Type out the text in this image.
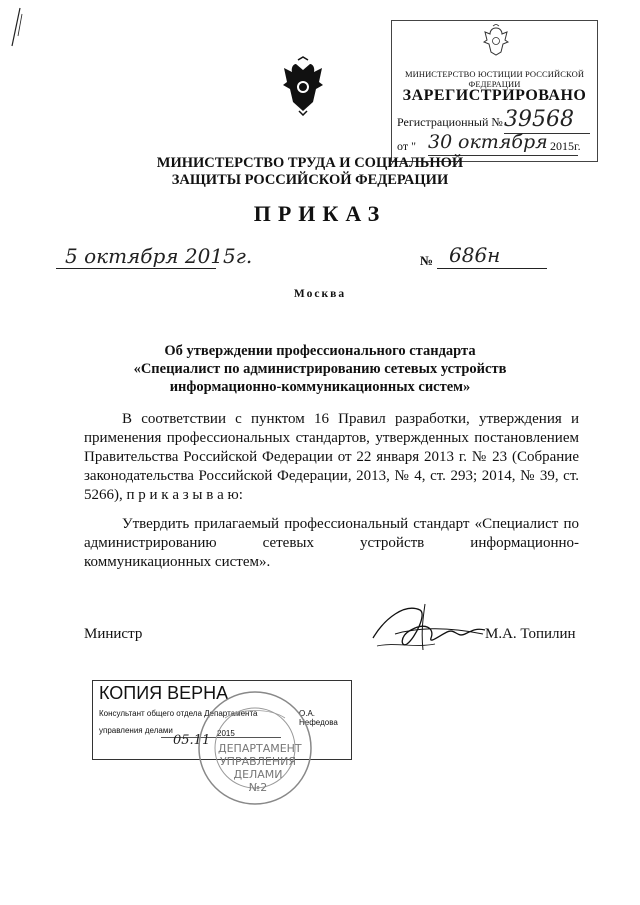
МИНИСТЕРСТВО ЮСТИЦИИ РОССИЙСКОЙ ФЕДЕРАЦИИ
ЗАРЕГИСТРИРОВАНО
Регистрационный № 39568
от " 30 октября 2015г.
МИНИСТЕРСТВО ТРУДА И СОЦИАЛЬНОЙ ЗАЩИТЫ РОССИЙСКОЙ ФЕДЕРАЦИИ
ПРИКАЗ
5 октября 2015г.	№ 686н
Москва
Об утверждении профессионального стандарта
«Специалист по администрированию сетевых устройств
информационно-коммуникационных систем»
В соответствии с пунктом 16 Правил разработки, утверждения и применения профессиональных стандартов, утвержденных постановлением Правительства Российской Федерации от 22 января 2013 г. № 23 (Собрание законодательства Российской Федерации, 2013, № 4, ст. 293; 2014, № 39, ст. 5266), п р и к а з ы в а ю:
Утвердить прилагаемый профессиональный стандарт «Специалист по администрированию сетевых устройств информационно-коммуникационных систем».
Министр	М.А. Топилин
КОПИЯ ВЕРНА
Консультант общего отдела Департамента	О.А. Нефедова
управления делами
05.11 2015
ДЕПАРТАМЕНТ
УПРАВЛЕНИЯ
ДЕЛАМИ
№2
